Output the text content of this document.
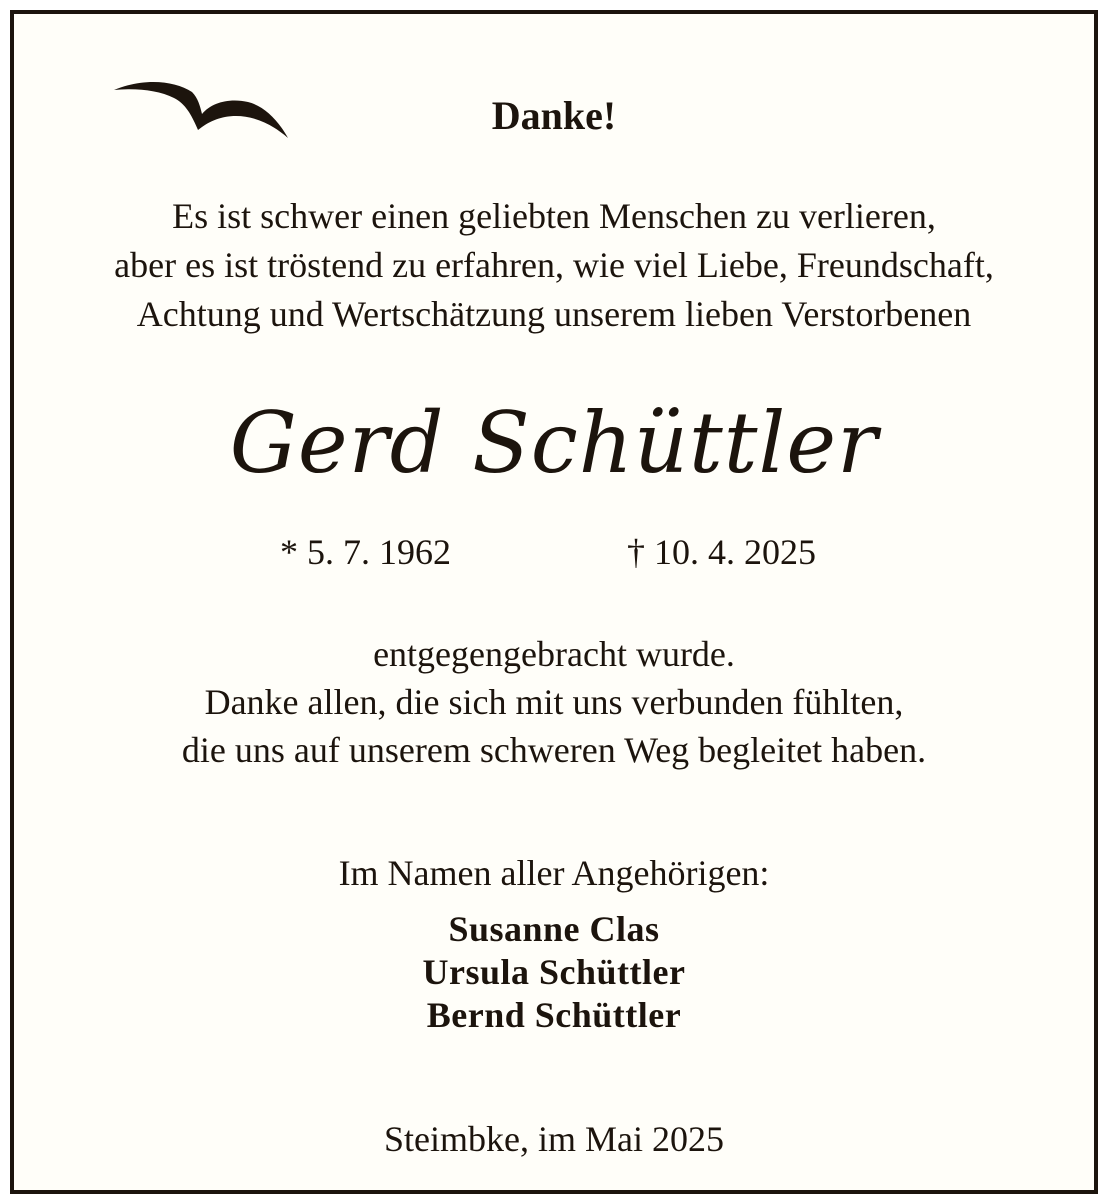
Danke!
Es ist schwer einen geliebten Menschen zu verlieren,
aber es ist tröstend zu erfahren, wie viel Liebe, Freundschaft,
Achtung und Wertschätzung unserem lieben Verstorbenen
Gerd Schüttler
* 5. 7. 1962	† 10. 4. 2025
entgegengebracht wurde.
Danke allen, die sich mit uns verbunden fühlten,
die uns auf unserem schweren Weg begleitet haben.
Im Namen aller Angehörigen:
Susanne Clas
Ursula Schüttler
Bernd Schüttler
Steimbke, im Mai 2025
